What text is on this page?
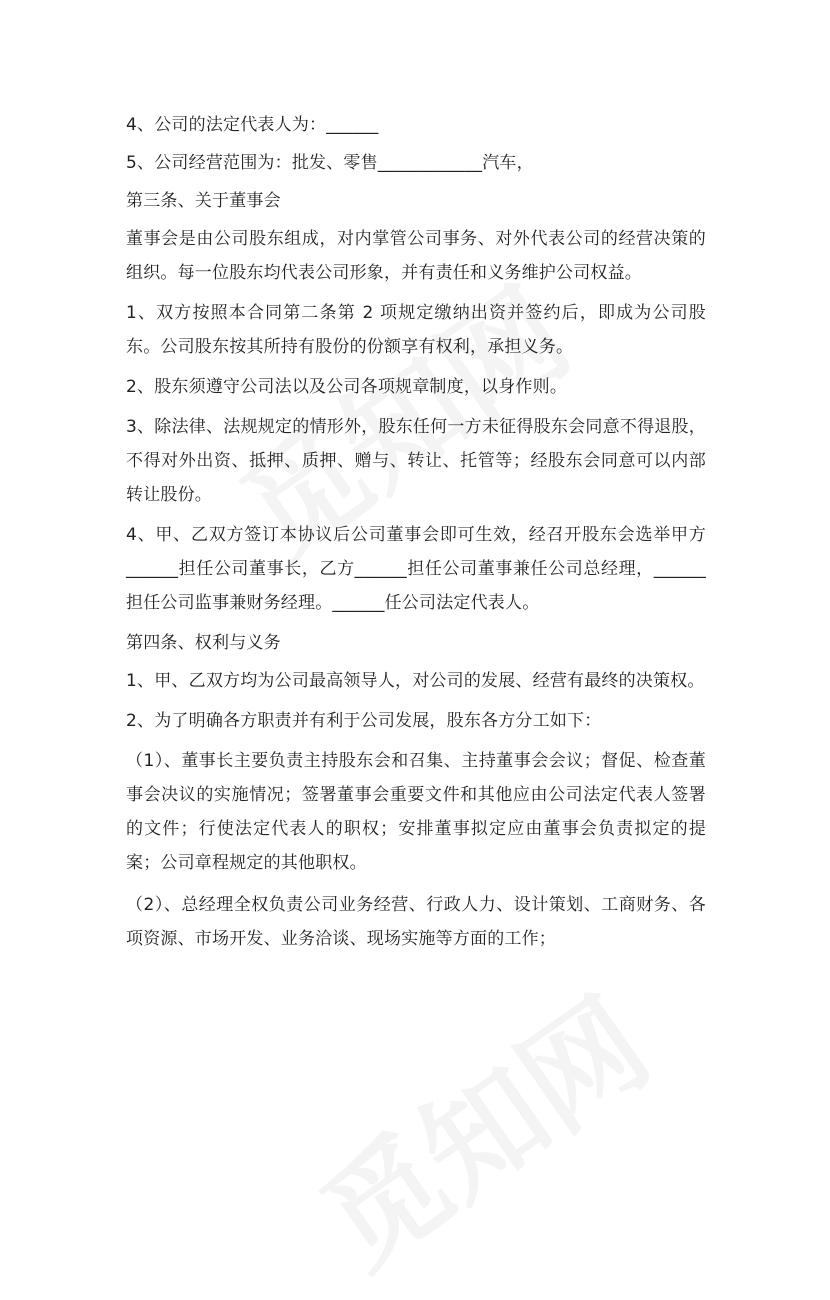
4、公司的法定代表人为：______

5、公司经营范围为：批发、零售____________汽车，

第三条、关于董事会

董事会是由公司股东组成，对内掌管公司事务、对外代表公司的经营决策的组织。每一位股东均代表公司形象，并有责任和义务维护公司权益。

1、双方按照本合同第二条第 2 项规定缴纳出资并签约后，即成为公司股东。公司股东按其所持有股份的份额享有权利，承担义务。

2、股东须遵守公司法以及公司各项规章制度，以身作则。

3、除法律、法规规定的情形外，股东任何一方未征得股东会同意不得退股，不得对外出资、抵押、质押、赠与、转让、托管等；经股东会同意可以内部转让股份。

4、甲、乙双方签订本协议后公司董事会即可生效，经召开股东会选举甲方______担任公司董事长，乙方______担任公司董事兼任公司总经理，______担任公司监事兼财务经理。______任公司法定代表人。

第四条、权利与义务

1、甲、乙双方均为公司最高领导人，对公司的发展、经营有最终的决策权。

2、为了明确各方职责并有利于公司发展，股东各方分工如下：

（1）、董事长主要负责主持股东会和召集、主持董事会会议；督促、检查董事会决议的实施情况；签署董事会重要文件和其他应由公司法定代表人签署的文件；行使法定代表人的职权；安排董事拟定应由董事会负责拟定的提案；公司章程规定的其他职权。

（2）、总经理全权负责公司业务经营、行政人力、设计策划、工商财务、各项资源、市场开发、业务洽谈、现场实施等方面的工作；
